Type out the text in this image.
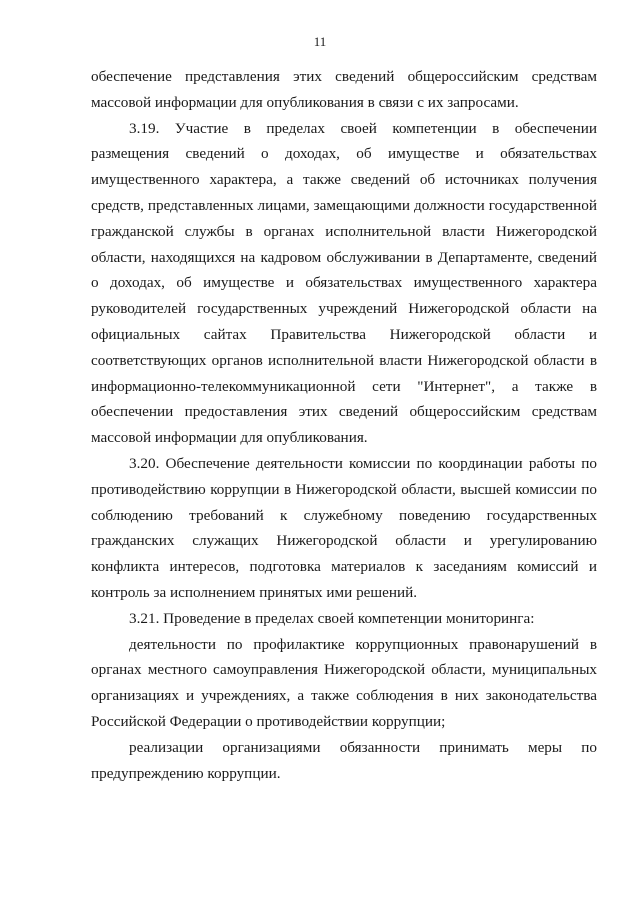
11

обеспечение представления этих сведений общероссийским средствам массовой информации для опубликования в связи с их запросами.

3.19. Участие в пределах своей компетенции в обеспечении размещения сведений о доходах, об имуществе и обязательствах имущественного характера, а также сведений об источниках получения средств, представленных лицами, замещающими должности государственной гражданской службы в органах исполнительной власти Нижегородской области, находящихся на кадровом обслуживании в Департаменте, сведений о доходах, об имуществе и обязательствах имущественного характера руководителей государственных учреждений Нижегородской области на официальных сайтах Правительства Нижегородской области и соответствующих органов исполнительной власти Нижегородской области в информационно-телекоммуникационной сети "Интернет", а также в обеспечении предоставления этих сведений общероссийским средствам массовой информации для опубликования.

3.20. Обеспечение деятельности комиссии по координации работы по противодействию коррупции в Нижегородской области, высшей комиссии по соблюдению требований к служебному поведению государственных гражданских служащих Нижегородской области и урегулированию конфликта интересов, подготовка материалов к заседаниям комиссий и контроль за исполнением принятых ими решений.

3.21. Проведение в пределах своей компетенции мониторинга:

деятельности по профилактике коррупционных правонарушений в органах местного самоуправления Нижегородской области, муниципальных организациях и учреждениях, а также соблюдения в них законодательства Российской Федерации о противодействии коррупции;

реализации организациями обязанности принимать меры по предупреждению коррупции.
